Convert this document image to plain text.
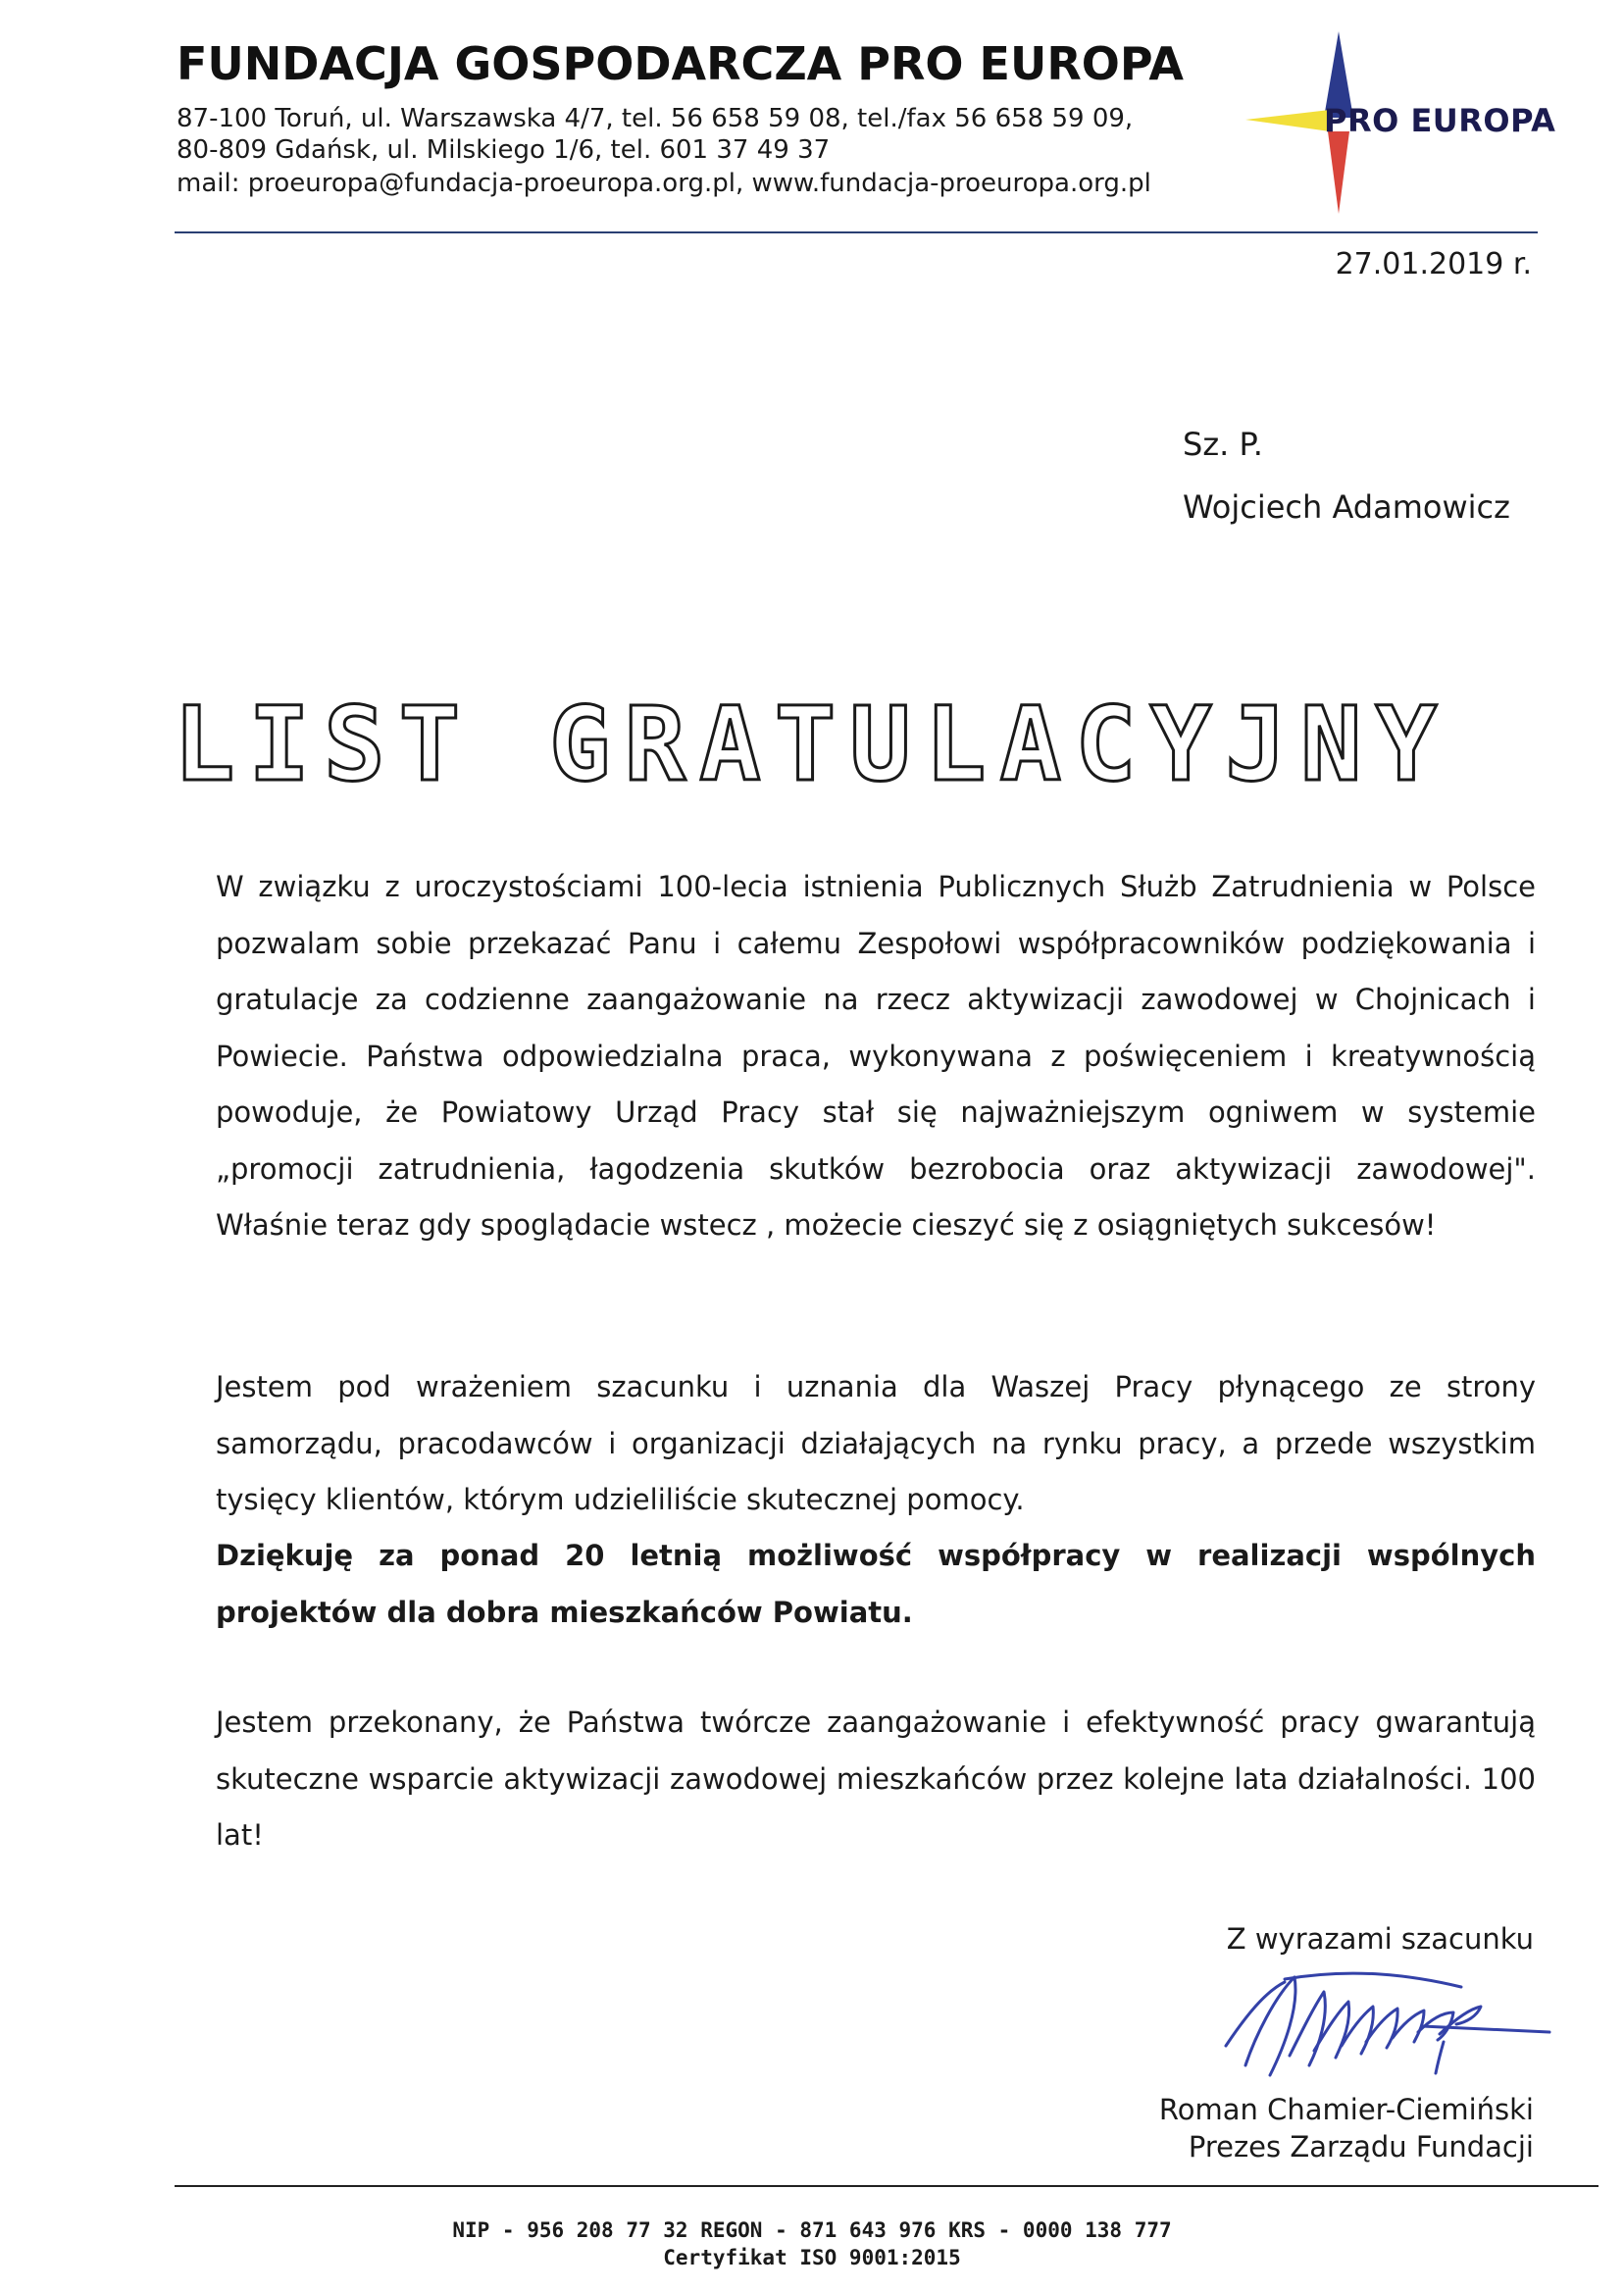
FUNDACJA GOSPODARCZA PRO EUROPA
87-100 Toruń, ul. Warszawska 4/7, tel. 56 658 59 08, tel./fax 56 658 59 09,
80-809 Gdańsk, ul. Milskiego 1/6, tel. 601 37 49 37
mail: proeuropa@fundacja-proeuropa.org.pl, www.fundacja-proeuropa.org.pl
PRO EUROPA
27.01.2019 r.
Sz. P.
Wojciech Adamowicz
LIST GRATULACYJNY
W związku z uroczystościami 100-lecia istnienia Publicznych Służb Zatrudnienia w Polsce pozwalam sobie przekazać Panu i całemu Zespołowi współpracowników podziękowania i gratulacje za codzienne zaangażowanie na rzecz aktywizacji zawodowej w Chojnicach i Powiecie. Państwa odpowiedzialna praca, wykonywana z poświęceniem i kreatywnością powoduje, że Powiatowy Urząd Pracy stał się najważniejszym ogniwem w systemie „promocji zatrudnienia, łagodzenia skutków bezrobocia oraz aktywizacji zawodowej". Właśnie teraz gdy spoglądacie wstecz , możecie cieszyć się z osiągniętych sukcesów!
Jestem pod wrażeniem szacunku i uznania dla Waszej Pracy płynącego ze strony samorządu, pracodawców i organizacji działających na rynku pracy, a przede wszystkim tysięcy klientów, którym udzieliliście skutecznej pomocy.
Dziękuję za ponad 20 letnią możliwość współpracy w realizacji wspólnych projektów dla dobra mieszkańców Powiatu.
Jestem przekonany, że Państwa twórcze zaangażowanie i efektywność pracy gwarantują skuteczne wsparcie aktywizacji zawodowej mieszkańców przez kolejne lata działalności. 100 lat!
Z wyrazami szacunku
Roman Chamier-Ciemiński
Prezes Zarządu Fundacji
NIP - 956 208 77 32 REGON - 871 643 976 KRS - 0000 138 777
Certyfikat ISO 9001:2015
